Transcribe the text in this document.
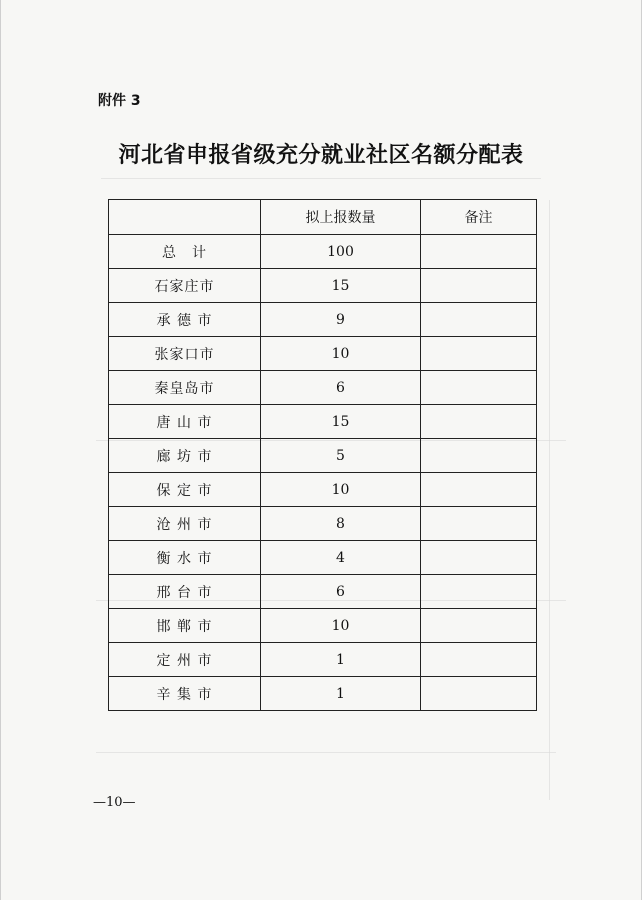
附件 3
河北省申报省级充分就业社区名额分配表
	拟上报数量	备注
总　计	100	
石家庄市	15	
承 德 市	9	
张家口市	10	
秦皇岛市	6	
唐 山 市	15	
廊 坊 市	5	
保 定 市	10	
沧 州 市	8	
衡 水 市	4	
邢 台 市	6	
邯 郸 市	10	
定 州 市	1	
辛 集 市	1	
—10—
